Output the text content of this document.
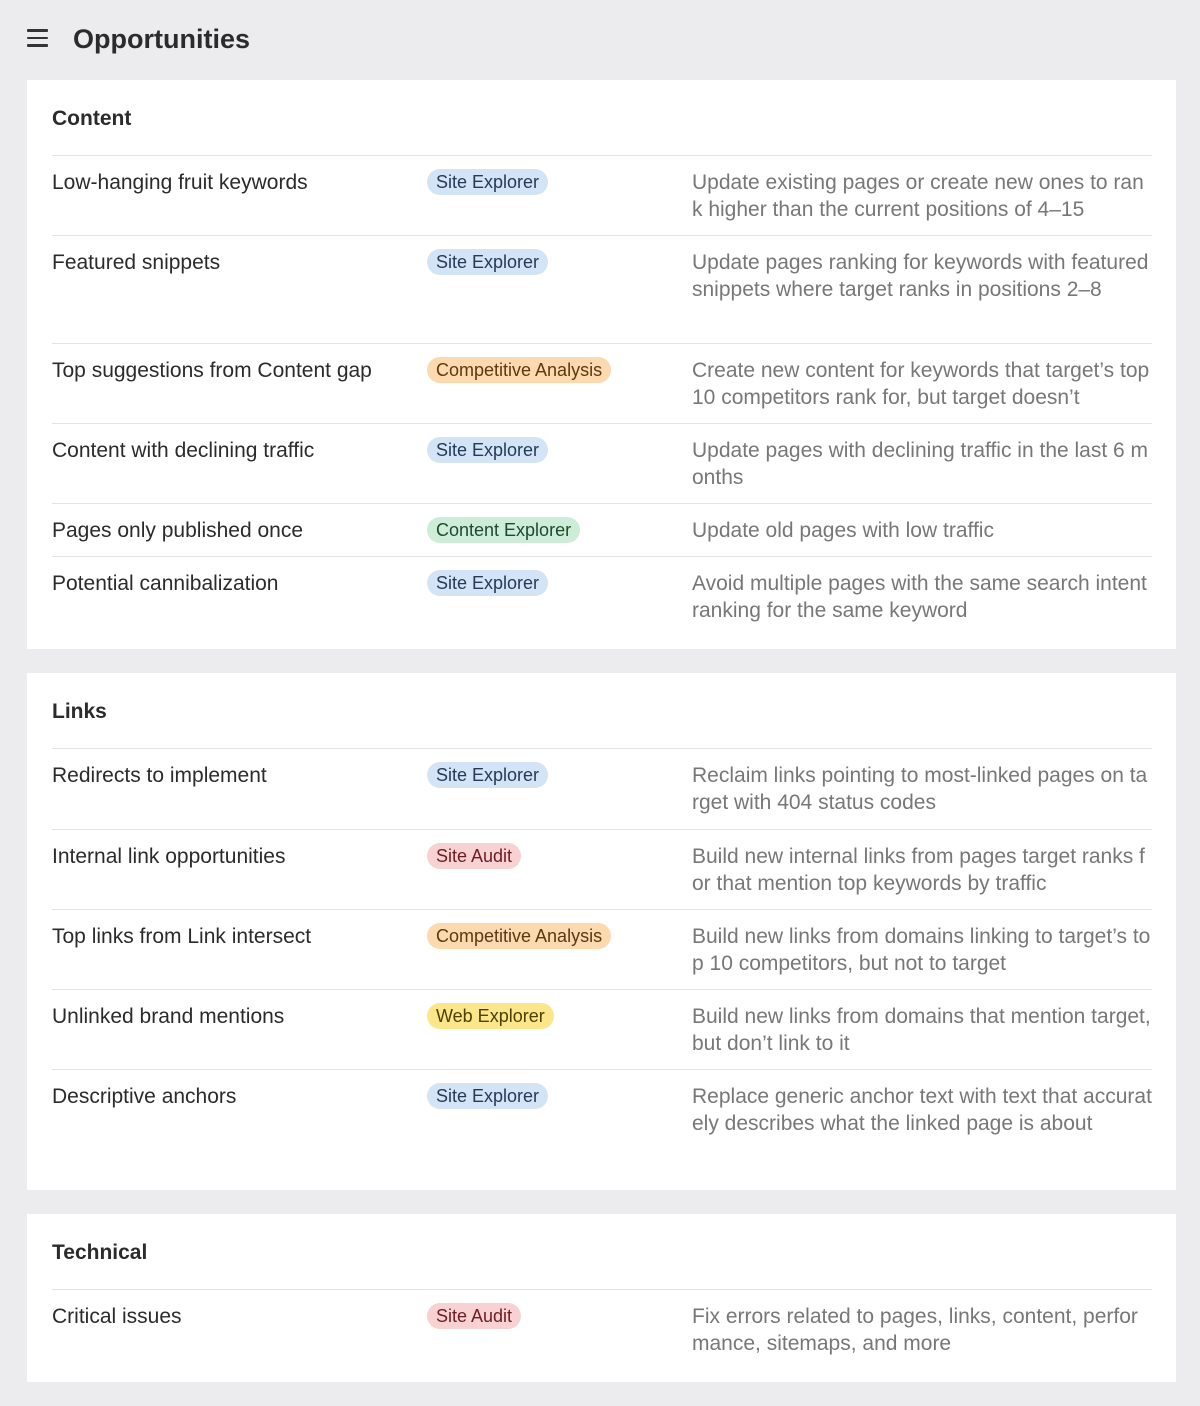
Opportunities
Content
Low-hanging fruit keywords	Site Explorer	Update existing pages or create new ones to rank higher than the current positions of 4–15
Featured snippets	Site Explorer	Update pages ranking for keywords with featured snippets where target ranks in positions 2–8
Top suggestions from Content gap	Competitive Analysis	Create new content for keywords that target’s top 10 competitors rank for, but target doesn’t
Content with declining traffic	Site Explorer	Update pages with declining traffic in the last 6 months
Pages only published once	Content Explorer	Update old pages with low traffic
Potential cannibalization	Site Explorer	Avoid multiple pages with the same search intent ranking for the same keyword
Links
Redirects to implement	Site Explorer	Reclaim links pointing to most-linked pages on target with 404 status codes
Internal link opportunities	Site Audit	Build new internal links from pages target ranks for that mention top keywords by traffic
Top links from Link intersect	Competitive Analysis	Build new links from domains linking to target’s top 10 competitors, but not to target
Unlinked brand mentions	Web Explorer	Build new links from domains that mention target, but don’t link to it
Descriptive anchors	Site Explorer	Replace generic anchor text with text that accurately describes what the linked page is about
Technical
Critical issues	Site Audit	Fix errors related to pages, links, content, performance, sitemaps, and more
